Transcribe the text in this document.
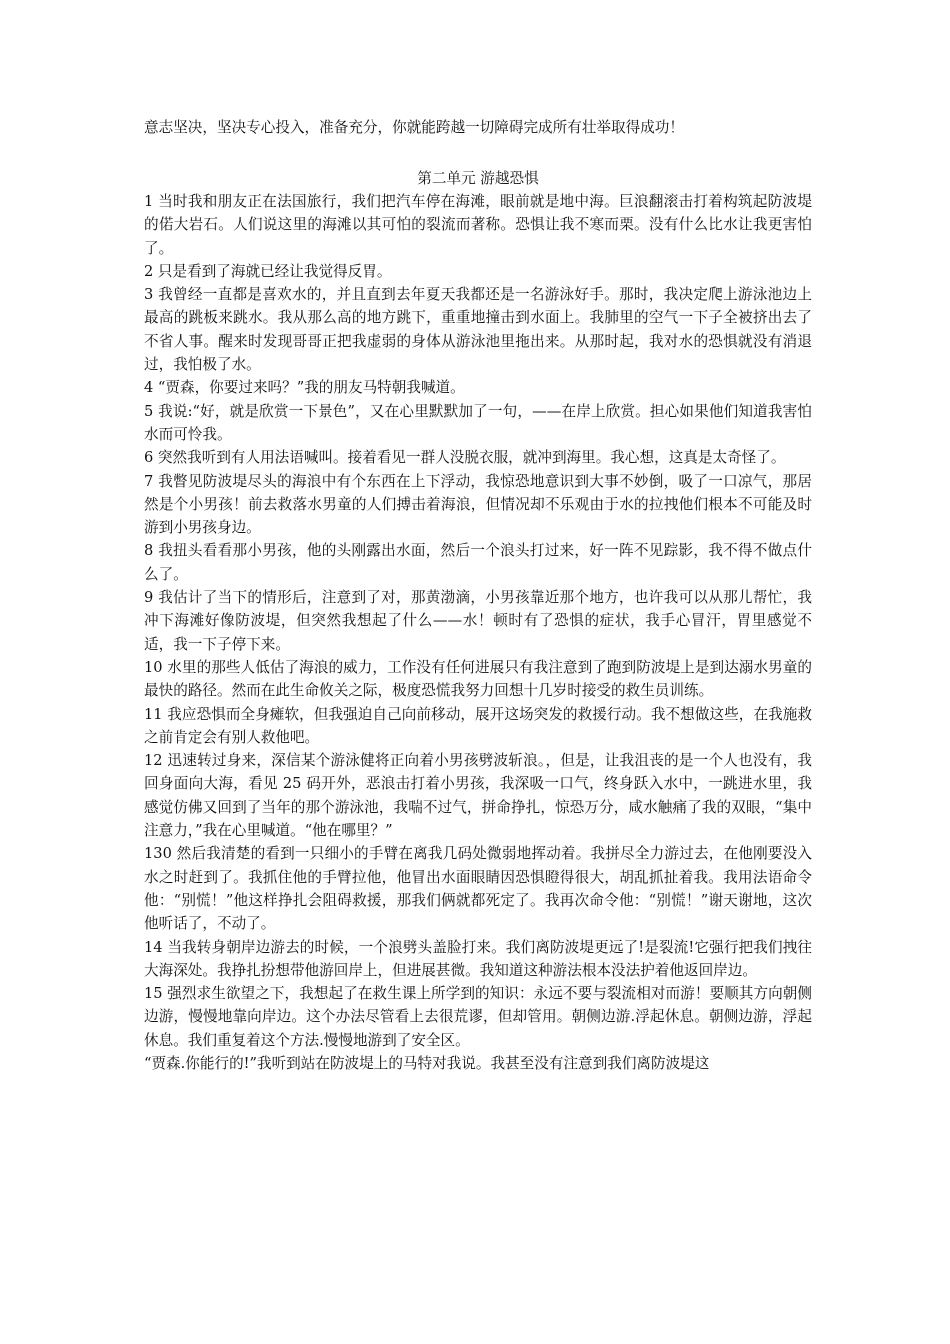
意志坚决，坚决专心投入，准备充分，你就能跨越一切障碍完成所有壮举取得成功！

第二单元 游越恐惧

1 当时我和朋友正在法国旅行，我们把汽车停在海滩，眼前就是地中海。巨浪翻滚击打着构筑起防波堤的偌大岩石。人们说这里的海滩以其可怕的裂流而著称。恐惧让我不寒而栗。没有什么比水让我更害怕了。

2 只是看到了海就已经让我觉得反胃。

3 我曾经一直都是喜欢水的，并且直到去年夏天我都还是一名游泳好手。那时，我决定爬上游泳池边上最高的跳板来跳水。我从那么高的地方跳下，重重地撞击到水面上。我肺里的空气一下子全被挤出去了不省人事。醒来时发现哥哥正把我虚弱的身体从游泳池里拖出来。从那时起，我对水的恐惧就没有消退过，我怕极了水。

4 “贾森，你要过来吗？”我的朋友马特朝我喊道。

5 我说:“好，就是欣赏一下景色”，又在心里默默加了一句，——在岸上欣赏。担心如果他们知道我害怕水而可怜我。

6 突然我听到有人用法语喊叫。接着看见一群人没脱衣服，就冲到海里。我心想，这真是太奇怪了。

7 我瞥见防波堤尽头的海浪中有个东西在上下浮动，我惊恐地意识到大事不妙倒，吸了一口凉气，那居然是个小男孩！前去救落水男童的人们搏击着海浪，但情况却不乐观由于水的拉拽他们根本不可能及时游到小男孩身边。

8 我扭头看看那小男孩，他的头刚露出水面，然后一个浪头打过来，好一阵不见踪影，我不得不做点什么了。

9 我估计了当下的情形后，注意到了对，那黄渤滴，小男孩靠近那个地方，也许我可以从那儿帮忙，我冲下海滩好像防波堤，但突然我想起了什么——水！顿时有了恐惧的症状，我手心冒汗，胃里感觉不适，我一下子停下来。

10 水里的那些人低估了海浪的威力，工作没有任何进展只有我注意到了跑到防波堤上是到达溺水男童的最快的路径。然而在此生命攸关之际，极度恐慌我努力回想十几岁时接受的救生员训练。

11 我应恐惧而全身瘫软，但我强迫自己向前移动，展开这场突发的救援行动。我不想做这些，在我施救之前肯定会有别人救他吧。

12 迅速转过身来，深信某个游泳健将正向着小男孩劈波斩浪。，但是，让我沮丧的是一个人也没有，我回身面向大海，看见 25 码开外，恶浪击打着小男孩，我深吸一口气，终身跃入水中，一跳进水里，我感觉仿佛又回到了当年的那个游泳池，我喘不过气，拼命挣扎，惊恐万分，咸水触痛了我的双眼，“集中注意力，”我在心里喊道。“他在哪里？”

130 然后我清楚的看到一只细小的手臂在离我几码处微弱地挥动着。我拼尽全力游过去，在他刚要没入水之时赶到了。我抓住他的手臂拉他，他冒出水面眼睛因恐惧瞪得很大，胡乱抓扯着我。我用法语命令他：“别慌！”他这样挣扎会阻碍救援，那我们俩就都死定了。我再次命令他：“别慌！”谢天谢地，这次他听话了，不动了。

14 当我转身朝岸边游去的时候，一个浪劈头盖脸打来。我们离防波堤更远了!是裂流!它强行把我们拽往大海深处。我挣扎扮想带他游回岸上，但进展甚微。我知道这种游法根本没法护着他返回岸边。

15 强烈求生欲望之下，我想起了在救生课上所学到的知识：永远不要与裂流相对而游！要顺其方向朝侧边游，慢慢地靠向岸边。这个办法尽管看上去很荒谬，但却管用。朝侧边游.浮起休息。朝侧边游，浮起休息。我们重复着这个方法.慢慢地游到了安全区。

“贾森.你能行的!”我听到站在防波堤上的马特对我说。我甚至没有注意到我们离防波堤这
